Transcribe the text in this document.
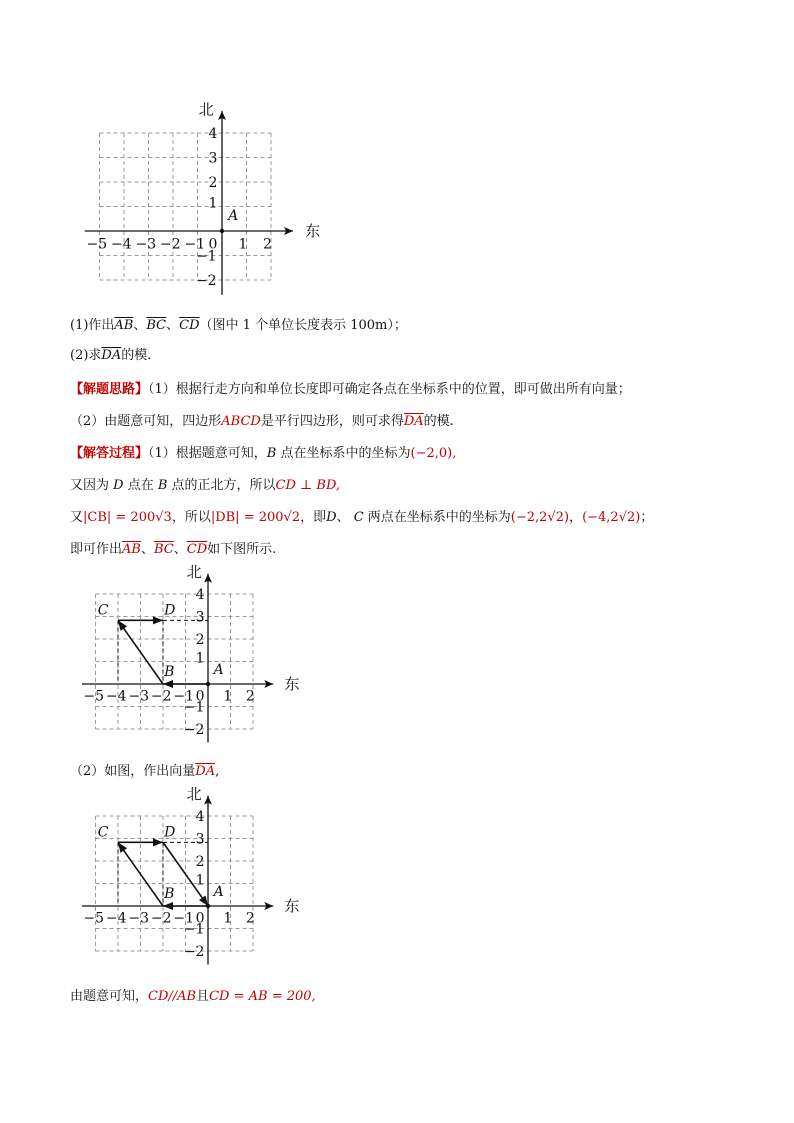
东
北
−5 −4 −3 −2 −1 0 1 2
4
3
2
1
−1
−2
A
东
北
−5 −4 −3 −2 −1 0 1 2
4
3
2
1
−1
−2
A
C	D
B
东
北
−5 −4 −3 −2 −1 0 1 2
4
3
2
1
−1
−2
A
C	D
B
(1)作出$\overline{AB}$、$\overline{BC}$、$\overline{CD}$（图中 1 个单位长度表示 100m）；
(2)求$\overline{DA}$的模．
【解题思路】（1）根据行走方向和单位长度即可确定各点在坐标系中的位置，即可做出所有向量；
（2）由题意可知，四边形ABCD是平行四边形，则可求得$\overline{DA}$的模.
【解答过程】（1）根据题意可知，B 点在坐标系中的坐标为(−2,0),
又因为 D 点在 B 点的正北方，所以CD ⊥ BD,
又|CB| = 200√3，所以|DB| = 200√2，即D、 C 两点在坐标系中的坐标为(−2,2√2)，(−4,2√2)；
即可作出$\overline{AB}$、$\overline{BC}$、$\overline{CD}$如下图所示.
（2）如图，作出向量$\overline{DA}$,
由题意可知，CD//AB且CD = AB = 200,
